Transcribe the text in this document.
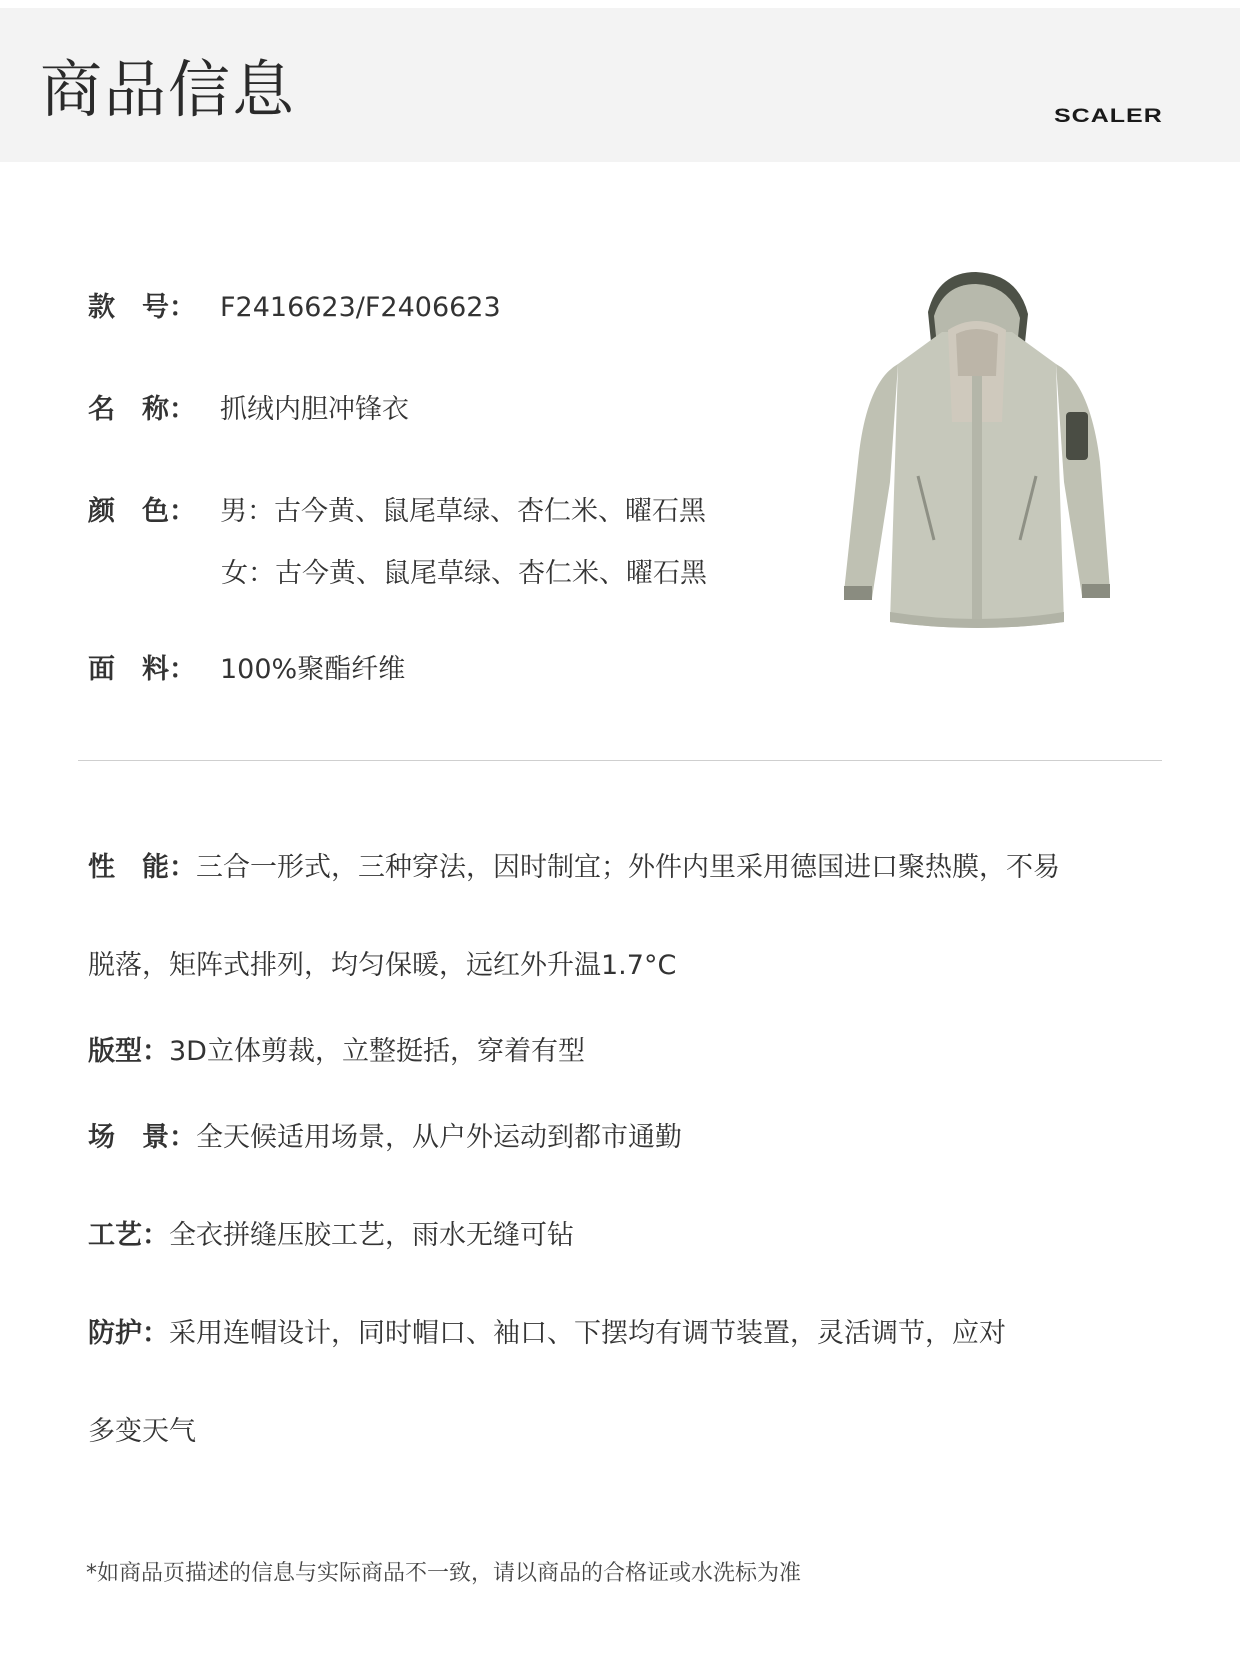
商品信息	SCALER
款　号： F2416623/F2406623
名　称： 抓绒内胆冲锋衣
颜　色： 男：古今黄、鼠尾草绿、杏仁米、曜石黑
女：古今黄、鼠尾草绿、杏仁米、曜石黑
面　料： 100%聚酯纤维
性　能：三合一形式，三种穿法，因时制宜；外件内里采用德国进口聚热膜，不易
脱落，矩阵式排列，均匀保暖，远红外升温1.7°C
版型：3D立体剪裁，立整挺括，穿着有型
场　景：全天候适用场景，从户外运动到都市通勤
工艺：全衣拼缝压胶工艺，雨水无缝可钻
防护：采用连帽设计，同时帽口、袖口、下摆均有调节装置，灵活调节，应对
多变天气
*如商品页描述的信息与实际商品不一致，请以商品的合格证或水洗标为准
